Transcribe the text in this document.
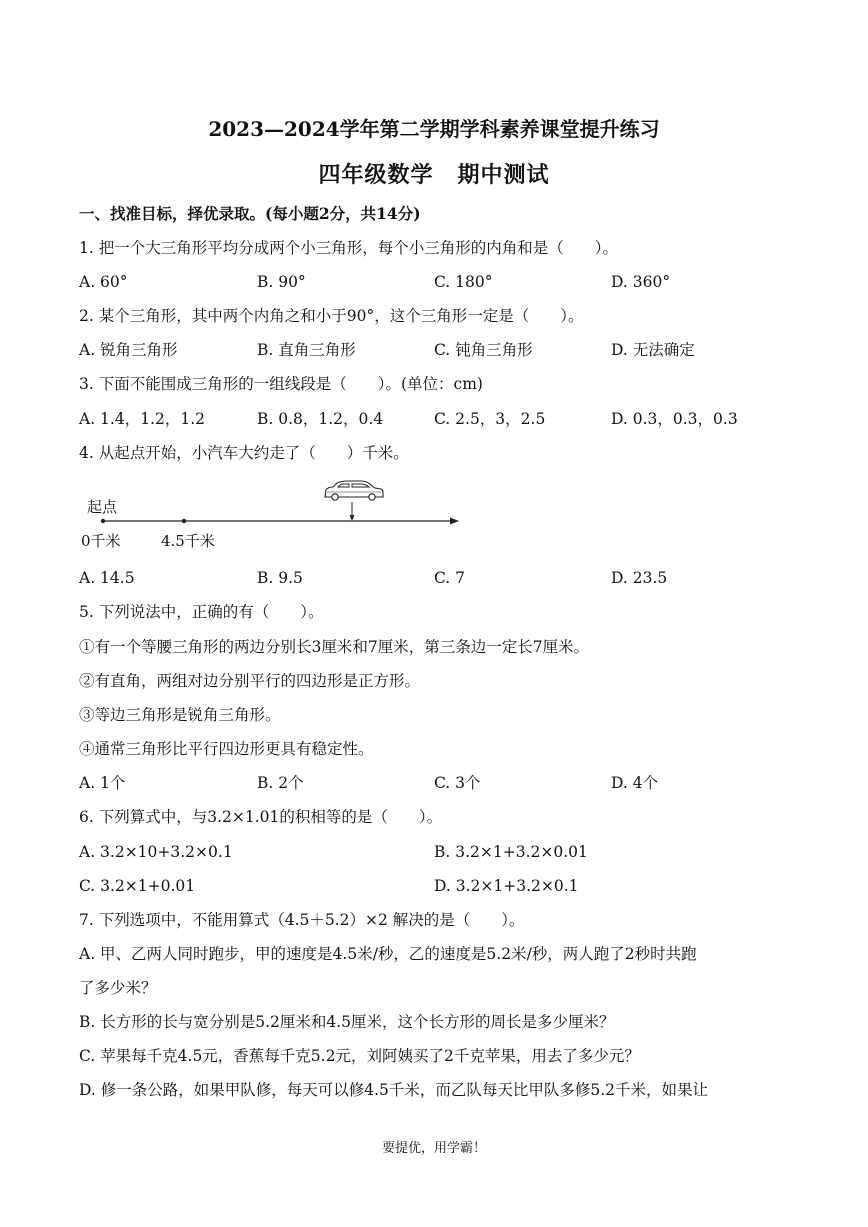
2023—2024学年第二学期学科素养课堂提升练习
四年级数学 期中测试
一、找准目标，择优录取。(每小题2分，共14分)
1. 把一个大三角形平均分成两个小三角形，每个小三角形的内角和是（　　）。
A. 60°	B. 90°	C. 180°	D. 360°
2. 某个三角形，其中两个内角之和小于90°，这个三角形一定是（　　）。
A. 锐角三角形	B. 直角三角形	C. 钝角三角形	D. 无法确定
3. 下面不能围成三角形的一组线段是（　　）。(单位：cm)
A. 1.4，1.2，1.2	B. 0.8，1.2，0.4	C. 2.5，3，2.5	D. 0.3，0.3，0.3
4. 从起点开始，小汽车大约走了（　　）千米。
起点
0千米	4.5千米
A. 14.5	B. 9.5	C. 7	D. 23.5
5. 下列说法中，正确的有（　　）。
①有一个等腰三角形的两边分别长3厘米和7厘米，第三条边一定长7厘米。
②有直角，两组对边分别平行的四边形是正方形。
③等边三角形是锐角三角形。
④通常三角形比平行四边形更具有稳定性。
A. 1个	B. 2个	C. 3个	D. 4个
6. 下列算式中，与3.2×1.01的积相等的是（　　）。
A. 3.2×10+3.2×0.1	B. 3.2×1+3.2×0.01
C. 3.2×1+0.01	D. 3.2×1+3.2×0.1
7. 下列选项中，不能用算式（4.5＋5.2）×2 解决的是（　　）。
A. 甲、乙两人同时跑步，甲的速度是4.5米/秒，乙的速度是5.2米/秒，两人跑了2秒时共跑
了多少米？
B. 长方形的长与宽分别是5.2厘米和4.5厘米，这个长方形的周长是多少厘米？
C. 苹果每千克4.5元，香蕉每千克5.2元，刘阿姨买了2千克苹果，用去了多少元？
D. 修一条公路，如果甲队修，每天可以修4.5千米，而乙队每天比甲队多修5.2千米，如果让
要提优，用学霸！
